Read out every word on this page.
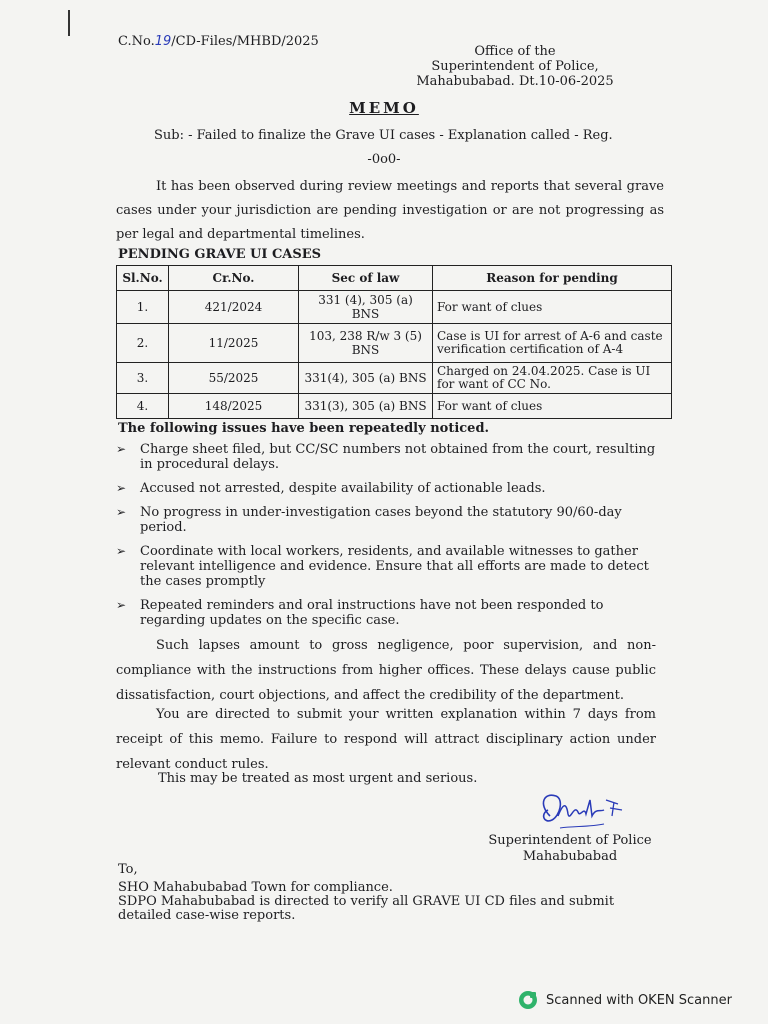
C.No.19/CD-Files/MHBD/2025
Office of the
Superintendent of Police,
Mahabubabad. Dt.10-06-2025
MEMO
Sub: - Failed to finalize the Grave UI cases - Explanation called - Reg.
-0o0-
It has been observed during review meetings and reports that several grave cases under your jurisdiction are pending investigation or are not progressing as per legal and departmental timelines.
PENDING GRAVE UI CASES
Sl.No.	Cr.No.	Sec of law	Reason for pending
1.	421/2024	331 (4), 305 (a) BNS	For want of clues
2.	11/2025	103, 238 R/w 3 (5) BNS	Case is UI for arrest of A-6 and caste verification certification of A-4
3.	55/2025	331(4), 305 (a) BNS	Charged on 24.04.2025. Case is UI for want of CC No.
4.	148/2025	331(3), 305 (a) BNS	For want of clues
The following issues have been repeatedly noticed.
➢ Charge sheet filed, but CC/SC numbers not obtained from the court, resulting in procedural delays.
➢ Accused not arrested, despite availability of actionable leads.
➢ No progress in under-investigation cases beyond the statutory 90/60-day period.
➢ Coordinate with local workers, residents, and available witnesses to gather relevant intelligence and evidence. Ensure that all efforts are made to detect the cases promptly
➢ Repeated reminders and oral instructions have not been responded to regarding updates on the specific case.
Such lapses amount to gross negligence, poor supervision, and non-compliance with the instructions from higher offices. These delays cause public dissatisfaction, court objections, and affect the credibility of the department.
You are directed to submit your written explanation within 7 days from receipt of this memo. Failure to respond will attract disciplinary action under relevant conduct rules.
This may be treated as most urgent and serious.
Superintendent of Police
Mahabubabad
To,
SHO Mahabubabad Town for compliance.
SDPO Mahabubabad is directed to verify all GRAVE UI CD files and submit detailed case-wise reports.
Scanned with OKEN Scanner
